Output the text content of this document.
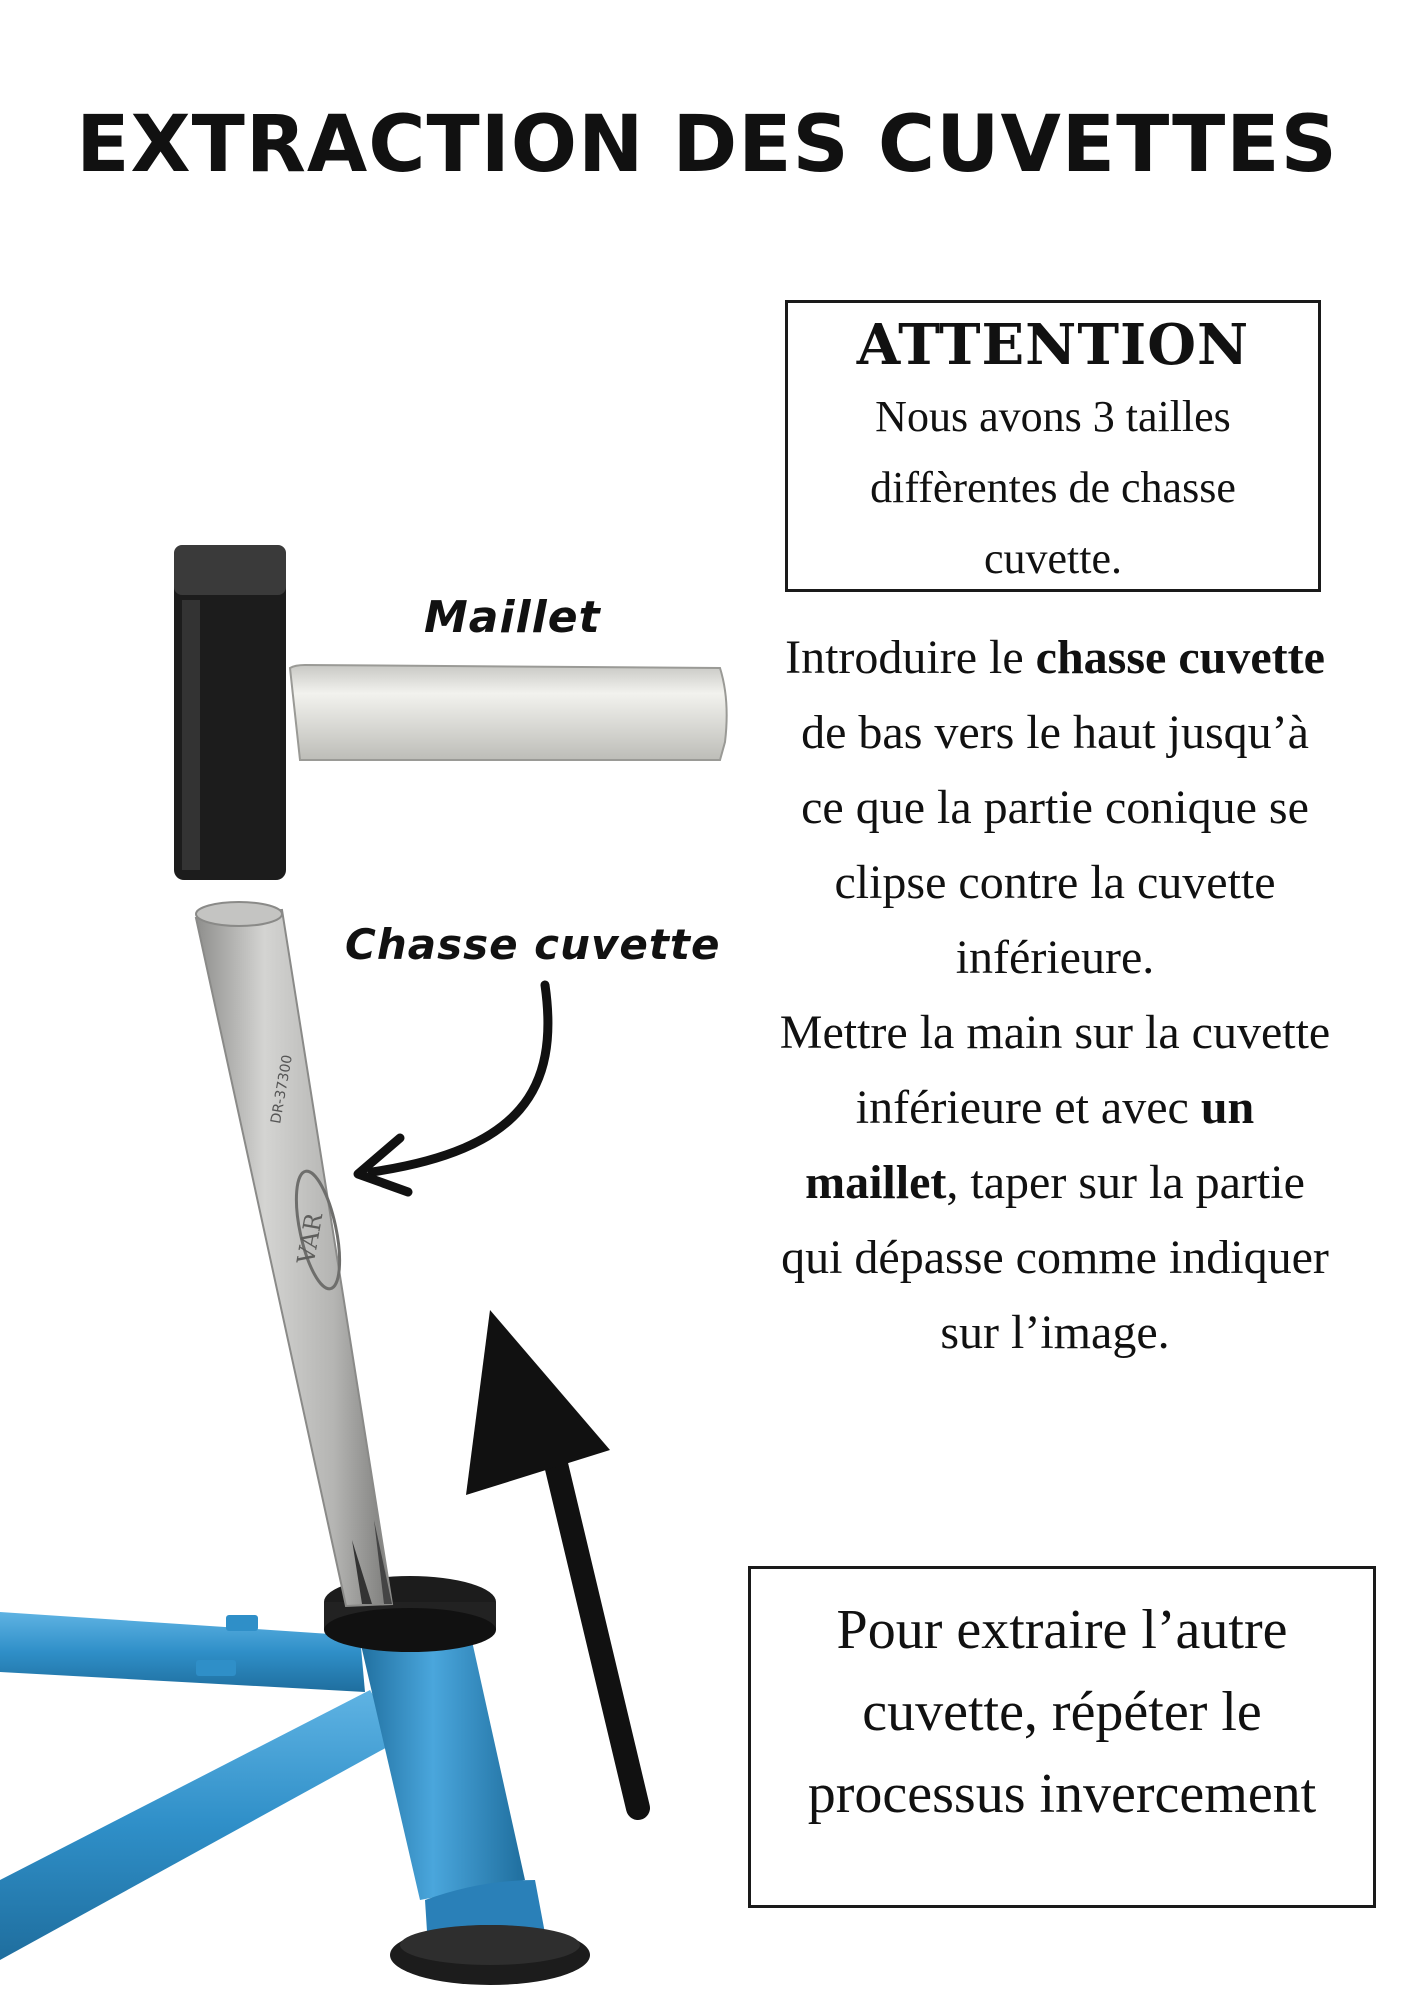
EXTRACTION DES CUVETTES
ATTENTION
Nous avons 3 tailles diffèrentes de chasse cuvette.

Introduire le chasse cuvette de bas vers le haut jusqu’à ce que la partie conique se clipse contre la cuvette inférieure.

Mettre la main sur la cuvette inférieure et avec un maillet, taper sur la partie qui dépasse comme indiquer sur l’image.

Pour extraire l’autre cuvette, répéter le processus invercement
VAR
DR-37300
Maillet
Chasse cuvette
